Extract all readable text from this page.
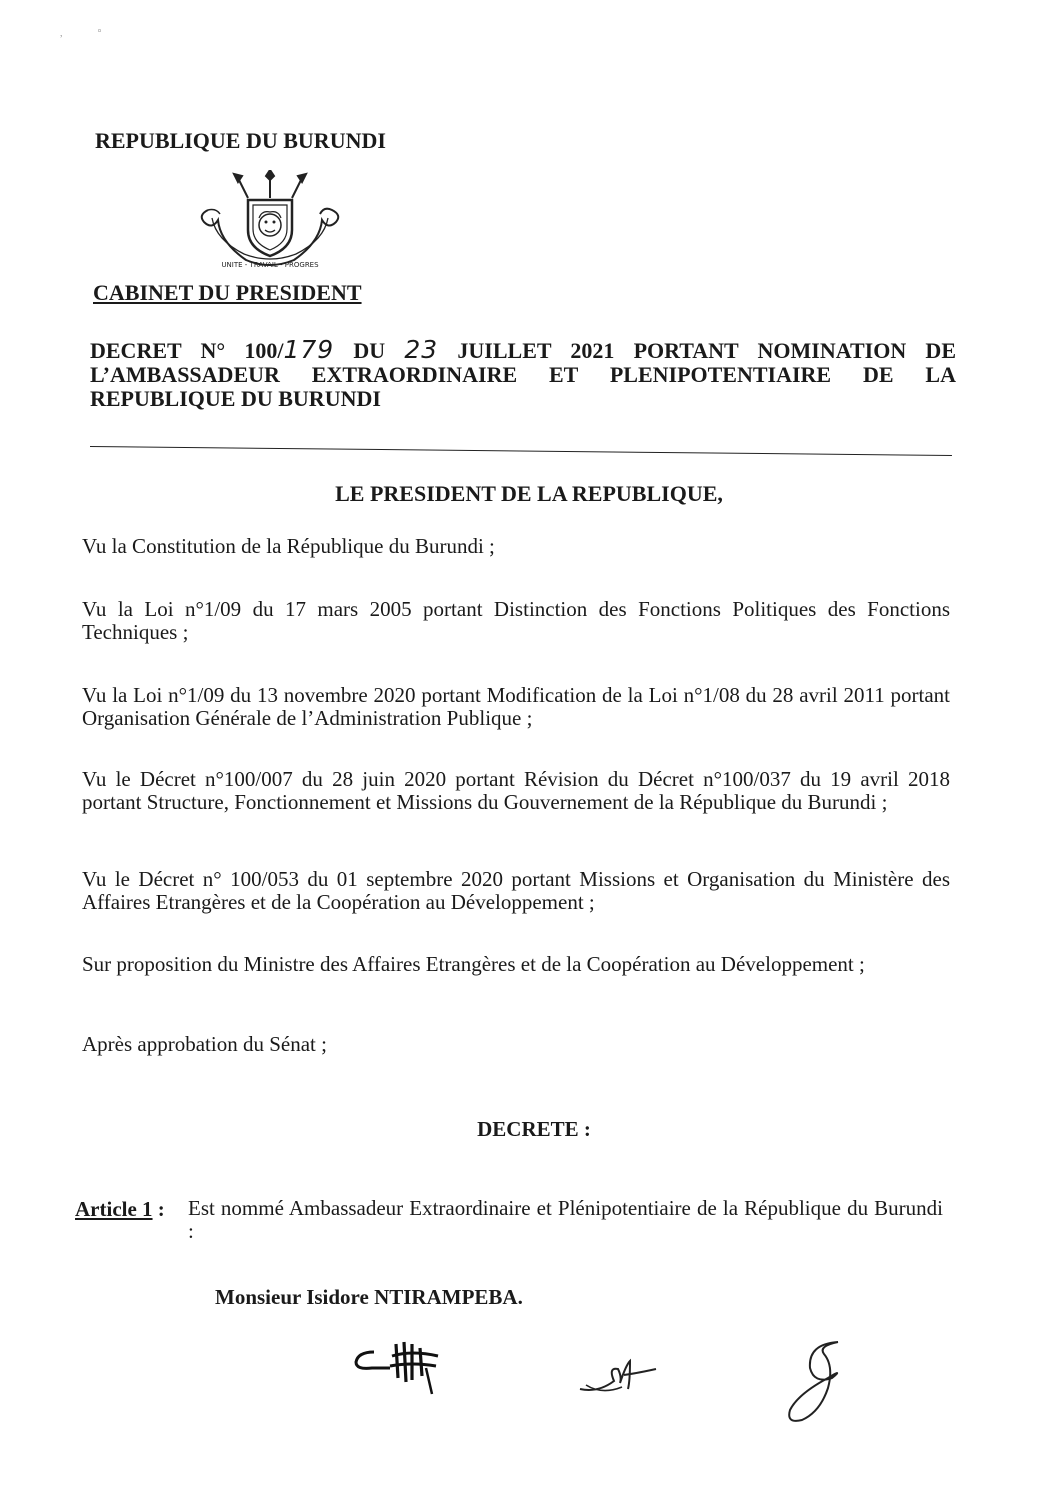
,              °
REPUBLIQUE DU BURUNDI
UNITE - TRAVAIL - PROGRES
CABINET DU PRESIDENT
DECRET N° 100/179 DU 23 JUILLET 2021 PORTANT NOMINATION DE L’AMBASSADEUR EXTRAORDINAIRE ET PLENIPOTENTIAIRE DE LA REPUBLIQUE DU BURUNDI
LE PRESIDENT DE LA REPUBLIQUE,
Vu la Constitution de la République du Burundi ;
Vu la Loi n°1/09 du 17 mars 2005 portant Distinction des Fonctions Politiques des Fonctions Techniques ;
Vu la Loi n°1/09 du 13 novembre 2020 portant Modification de la Loi n°1/08 du 28 avril 2011 portant Organisation Générale de l’Administration Publique ;
Vu le Décret n°100/007 du 28 juin 2020 portant Révision du Décret n°100/037 du 19 avril 2018 portant Structure, Fonctionnement et Missions du Gouvernement de la République du Burundi ;
Vu le Décret n° 100/053 du 01 septembre 2020 portant Missions et Organisation du Ministère des Affaires Etrangères et de la Coopération au Développement ;
Sur proposition du Ministre des Affaires Etrangères et de la Coopération au Développement ;
Après approbation du Sénat ;
DECRETE :
Article 1 : Est nommé Ambassadeur Extraordinaire et Plénipotentiaire de la République du Burundi :
Monsieur Isidore NTIRAMPEBA.
